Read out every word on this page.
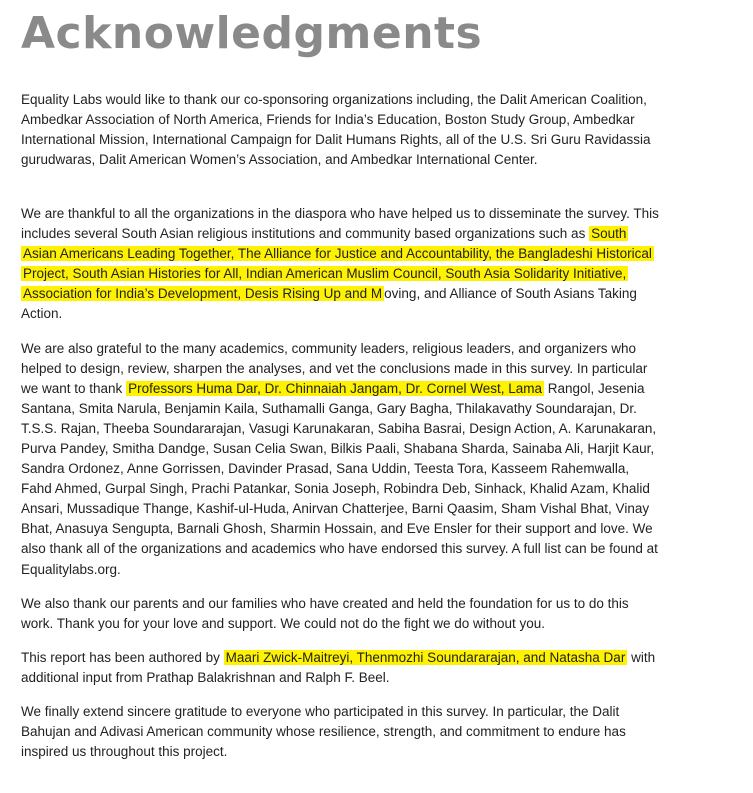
Acknowledgments

Equality Labs would like to thank our co-sponsoring organizations including, the Dalit American Coalition, Ambedkar Association of North America, Friends for India’s Education, Boston Study Group, Ambedkar International Mission, International Campaign for Dalit Humans Rights, all of the U.S. Sri Guru Ravidassia gurudwaras, Dalit American Women’s Association, and Ambedkar International Center.

We are thankful to all the organizations in the diaspora who have helped us to disseminate the survey. This includes several South Asian religious institutions and community based organizations such as South Asian Americans Leading Together, The Alliance for Justice and Accountability, the Bangladeshi Historical Project, South Asian Histories for All, Indian American Muslim Council, South Asia Solidarity Initiative, Association for India’s Development, Desis Rising Up and M oving, and Alliance of South Asians Taking Action.

We are also grateful to the many academics, community leaders, religious leaders, and organizers who helped to design, review, sharpen the analyses, and vet the conclusions made in this survey. In particular we want to thank Professors Huma Dar, Dr. Chinnaiah Jangam, Dr. Cornel West, Lama Rangol, Jesenia Santana, Smita Narula, Benjamin Kaila, Suthamalli Ganga, Gary Bagha, Thilakavathy Soundarajan, Dr. T.S.S. Rajan, Theeba Soundararajan, Vasugi Karunakaran, Sabiha Basrai, Design Action, A. Karunakaran, Purva Pandey, Smitha Dandge, Susan Celia Swan, Bilkis Paali, Shabana Sharda, Sainaba Ali, Harjit Kaur, Sandra Ordonez, Anne Gorrissen, Davinder Prasad, Sana Uddin, Teesta Tora, Kasseem Rahemwalla, Fahd Ahmed, Gurpal Singh, Prachi Patankar, Sonia Joseph, Robindra Deb, Sinhack, Khalid Azam, Khalid Ansari, Mussadique Thange, Kashif-ul-Huda, Anirvan Chatterjee, Barni Qaasim, Sham Vishal Bhat, Vinay Bhat, Anasuya Sengupta, Barnali Ghosh, Sharmin Hossain, and Eve Ensler for their support and love. We also thank all of the organizations and academics who have endorsed this survey. A full list can be found at Equalitylabs.org.

We also thank our parents and our families who have created and held the foundation for us to do this work. Thank you for your love and support. We could not do the fight we do without you.

This report has been authored by Maari Zwick-Maitreyi, Thenmozhi Soundararajan, and Natasha Dar with additional input from Prathap Balakrishnan and Ralph F. Beel.

We finally extend sincere gratitude to everyone who participated in this survey. In particular, the Dalit Bahujan and Adivasi American community whose resilience, strength, and commitment to endure has inspired us throughout this project.
